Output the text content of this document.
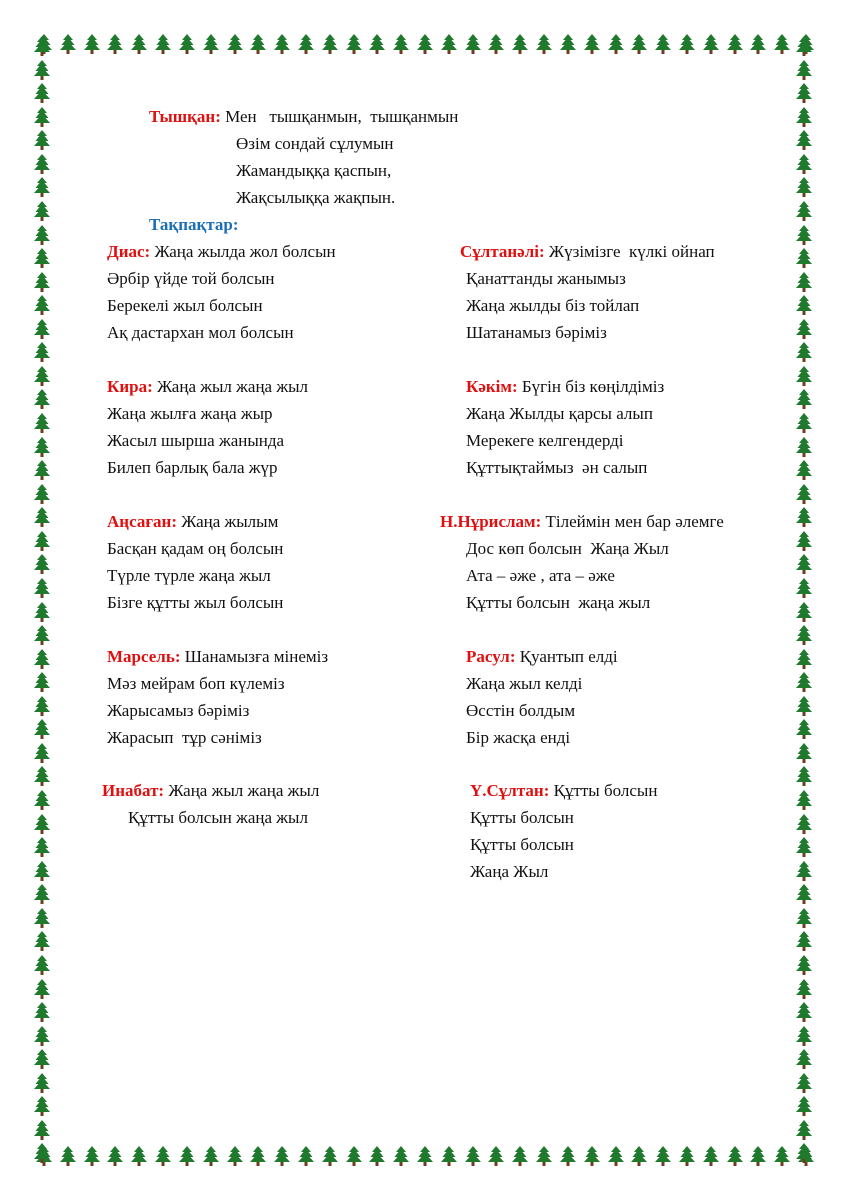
Тышқан: Мен   тышқанмын,  тышқанмын
Өзім сондай сұлумын
Жамандыққа қаспын,
Жақсылыққа жақпын.
Тақпақтар:
Диас: Жаңа жылда жол болсын
Әрбір үйде той болсын
Берекелі жыл болсын
Ақ дастархан мол болсын
Сұлтанәлі: Жүзімізге  күлкі ойнап
Қанаттанды жанымыз
Жаңа жылды біз тойлап
Шатанамыз бәріміз
Кира: Жаңа жыл жаңа жыл
Жаңа жылға жаңа жыр
Жасыл шырша жанында
Билеп барлық бала жүр
Кәкім: Бүгін біз көңілдіміз
Жаңа Жылды қарсы алып
Мерекеге келгендерді
Құттықтаймыз  ән салып
Аңсаған: Жаңа жылым
Басқан қадам оң болсын
Түрле түрле жаңа жыл
Бізге құтты жыл болсын
Н.Нұрислам: Тілеймін мен бар әлемге
Дос көп болсын  Жаңа Жыл
Ата – әже , ата – әже
Құтты болсын  жаңа жыл
Марсель: Шанамызға мінеміз
Мәз мейрам боп күлеміз
Жарысамыз бәріміз
Жарасып  тұр сәніміз
Расул: Қуантып елді
Жаңа жыл келді
Өсстін болдым
Бір жасқа енді
Инабат: Жаңа жыл жаңа жыл
Құтты болсын жаңа жыл
Ү.Сұлтан: Құтты болсын
Құтты болсын
Құтты болсын
Жаңа Жыл
